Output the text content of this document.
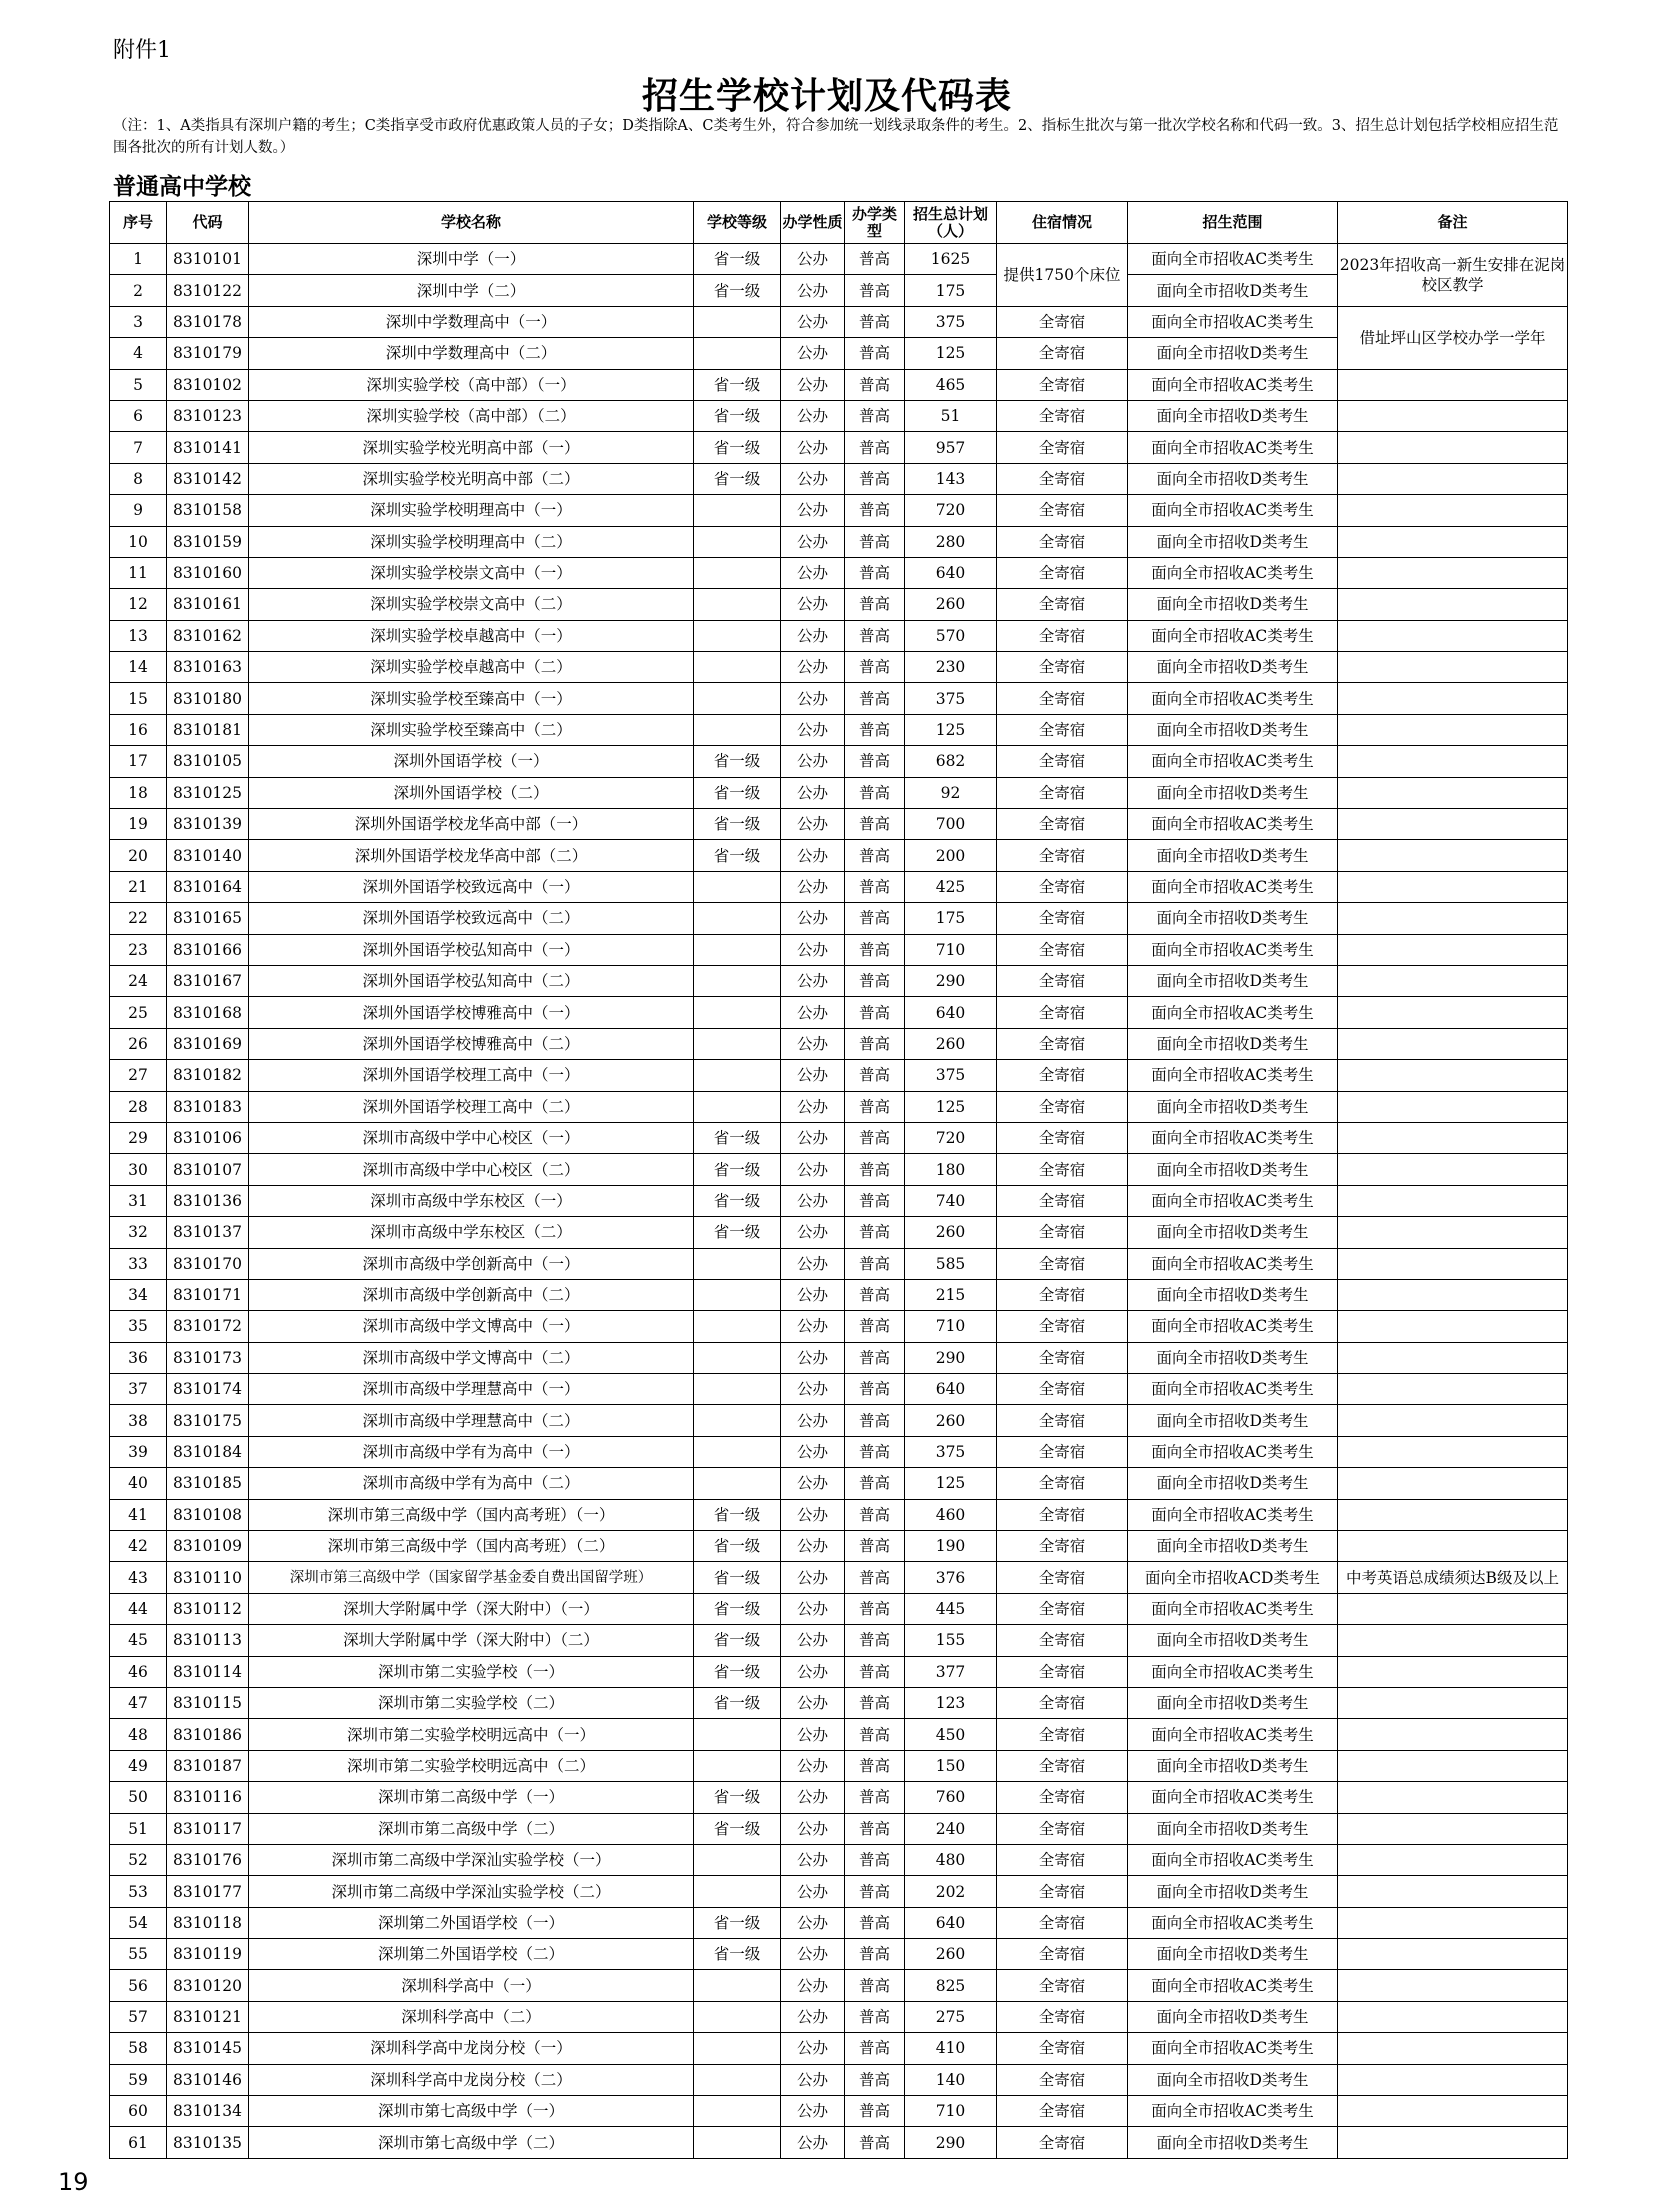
附件1
招生学校计划及代码表
（注：1、A类指具有深圳户籍的考生；C类指享受市政府优惠政策人员的子女；D类指除A、C类考生外，符合参加统一划线录取条件的考生。2、指标生批次与第一批次学校名称和代码一致。3、招生总计划包括学校相应招生范围各批次的所有计划人数。）
普通高中学校
序号	代码	学校名称	学校等级	办学性质	办学类型	招生总计划（人）	住宿情况	招生范围	备注
1	8310101	深圳中学（一）	省一级	公办	普高	1625	提供1750个床位	面向全市招收AC类考生	2023年招收高一新生安排在泥岗校区教学
2	8310122	深圳中学（二）	省一级	公办	普高	175		面向全市招收D类考生	
3	8310178	深圳中学数理高中（一）		公办	普高	375	全寄宿	面向全市招收AC类考生	借址坪山区学校办学一学年
4	8310179	深圳中学数理高中（二）		公办	普高	125	全寄宿	面向全市招收D类考生	
5	8310102	深圳实验学校（高中部）（一）	省一级	公办	普高	465	全寄宿	面向全市招收AC类考生	
6	8310123	深圳实验学校（高中部）（二）	省一级	公办	普高	51	全寄宿	面向全市招收D类考生	
7	8310141	深圳实验学校光明高中部（一）	省一级	公办	普高	957	全寄宿	面向全市招收AC类考生	
8	8310142	深圳实验学校光明高中部（二）	省一级	公办	普高	143	全寄宿	面向全市招收D类考生	
9	8310158	深圳实验学校明理高中（一）		公办	普高	720	全寄宿	面向全市招收AC类考生	
10	8310159	深圳实验学校明理高中（二）		公办	普高	280	全寄宿	面向全市招收D类考生	
11	8310160	深圳实验学校崇文高中（一）		公办	普高	640	全寄宿	面向全市招收AC类考生	
12	8310161	深圳实验学校崇文高中（二）		公办	普高	260	全寄宿	面向全市招收D类考生	
13	8310162	深圳实验学校卓越高中（一）		公办	普高	570	全寄宿	面向全市招收AC类考生	
14	8310163	深圳实验学校卓越高中（二）		公办	普高	230	全寄宿	面向全市招收D类考生	
15	8310180	深圳实验学校至臻高中（一）		公办	普高	375	全寄宿	面向全市招收AC类考生	
16	8310181	深圳实验学校至臻高中（二）		公办	普高	125	全寄宿	面向全市招收D类考生	
17	8310105	深圳外国语学校（一）	省一级	公办	普高	682	全寄宿	面向全市招收AC类考生	
18	8310125	深圳外国语学校（二）	省一级	公办	普高	92	全寄宿	面向全市招收D类考生	
19	8310139	深圳外国语学校龙华高中部（一）	省一级	公办	普高	700	全寄宿	面向全市招收AC类考生	
20	8310140	深圳外国语学校龙华高中部（二）	省一级	公办	普高	200	全寄宿	面向全市招收D类考生	
21	8310164	深圳外国语学校致远高中（一）		公办	普高	425	全寄宿	面向全市招收AC类考生	
22	8310165	深圳外国语学校致远高中（二）		公办	普高	175	全寄宿	面向全市招收D类考生	
23	8310166	深圳外国语学校弘知高中（一）		公办	普高	710	全寄宿	面向全市招收AC类考生	
24	8310167	深圳外国语学校弘知高中（二）		公办	普高	290	全寄宿	面向全市招收D类考生	
25	8310168	深圳外国语学校博雅高中（一）		公办	普高	640	全寄宿	面向全市招收AC类考生	
26	8310169	深圳外国语学校博雅高中（二）		公办	普高	260	全寄宿	面向全市招收D类考生	
27	8310182	深圳外国语学校理工高中（一）		公办	普高	375	全寄宿	面向全市招收AC类考生	
28	8310183	深圳外国语学校理工高中（二）		公办	普高	125	全寄宿	面向全市招收D类考生	
29	8310106	深圳市高级中学中心校区（一）	省一级	公办	普高	720	全寄宿	面向全市招收AC类考生	
30	8310107	深圳市高级中学中心校区（二）	省一级	公办	普高	180	全寄宿	面向全市招收D类考生	
31	8310136	深圳市高级中学东校区（一）	省一级	公办	普高	740	全寄宿	面向全市招收AC类考生	
32	8310137	深圳市高级中学东校区（二）	省一级	公办	普高	260	全寄宿	面向全市招收D类考生	
33	8310170	深圳市高级中学创新高中（一）		公办	普高	585	全寄宿	面向全市招收AC类考生	
34	8310171	深圳市高级中学创新高中（二）		公办	普高	215	全寄宿	面向全市招收D类考生	
35	8310172	深圳市高级中学文博高中（一）		公办	普高	710	全寄宿	面向全市招收AC类考生	
36	8310173	深圳市高级中学文博高中（二）		公办	普高	290	全寄宿	面向全市招收D类考生	
37	8310174	深圳市高级中学理慧高中（一）		公办	普高	640	全寄宿	面向全市招收AC类考生	
38	8310175	深圳市高级中学理慧高中（二）		公办	普高	260	全寄宿	面向全市招收D类考生	
39	8310184	深圳市高级中学有为高中（一）		公办	普高	375	全寄宿	面向全市招收AC类考生	
40	8310185	深圳市高级中学有为高中（二）		公办	普高	125	全寄宿	面向全市招收D类考生	
41	8310108	深圳市第三高级中学（国内高考班）（一）	省一级	公办	普高	460	全寄宿	面向全市招收AC类考生	
42	8310109	深圳市第三高级中学（国内高考班）（二）	省一级	公办	普高	190	全寄宿	面向全市招收D类考生	
43	8310110	深圳市第三高级中学（国家留学基金委自费出国留学班）	省一级	公办	普高	376	全寄宿	面向全市招收ACD类考生	中考英语总成绩须达B级及以上
44	8310112	深圳大学附属中学（深大附中）（一）	省一级	公办	普高	445	全寄宿	面向全市招收AC类考生	
45	8310113	深圳大学附属中学（深大附中）（二）	省一级	公办	普高	155	全寄宿	面向全市招收D类考生	
46	8310114	深圳市第二实验学校（一）	省一级	公办	普高	377	全寄宿	面向全市招收AC类考生	
47	8310115	深圳市第二实验学校（二）	省一级	公办	普高	123	全寄宿	面向全市招收D类考生	
48	8310186	深圳市第二实验学校明远高中（一）		公办	普高	450	全寄宿	面向全市招收AC类考生	
49	8310187	深圳市第二实验学校明远高中（二）		公办	普高	150	全寄宿	面向全市招收D类考生	
50	8310116	深圳市第二高级中学（一）	省一级	公办	普高	760	全寄宿	面向全市招收AC类考生	
51	8310117	深圳市第二高级中学（二）	省一级	公办	普高	240	全寄宿	面向全市招收D类考生	
52	8310176	深圳市第二高级中学深汕实验学校（一）		公办	普高	480	全寄宿	面向全市招收AC类考生	
53	8310177	深圳市第二高级中学深汕实验学校（二）		公办	普高	202	全寄宿	面向全市招收D类考生	
54	8310118	深圳第二外国语学校（一）	省一级	公办	普高	640	全寄宿	面向全市招收AC类考生	
55	8310119	深圳第二外国语学校（二）	省一级	公办	普高	260	全寄宿	面向全市招收D类考生	
56	8310120	深圳科学高中（一）		公办	普高	825	全寄宿	面向全市招收AC类考生	
57	8310121	深圳科学高中（二）		公办	普高	275	全寄宿	面向全市招收D类考生	
58	8310145	深圳科学高中龙岗分校（一）		公办	普高	410	全寄宿	面向全市招收AC类考生	
59	8310146	深圳科学高中龙岗分校（二）		公办	普高	140	全寄宿	面向全市招收D类考生	
60	8310134	深圳市第七高级中学（一）		公办	普高	710	全寄宿	面向全市招收AC类考生	
61	8310135	深圳市第七高级中学（二）		公办	普高	290	全寄宿	面向全市招收D类考生	
19
